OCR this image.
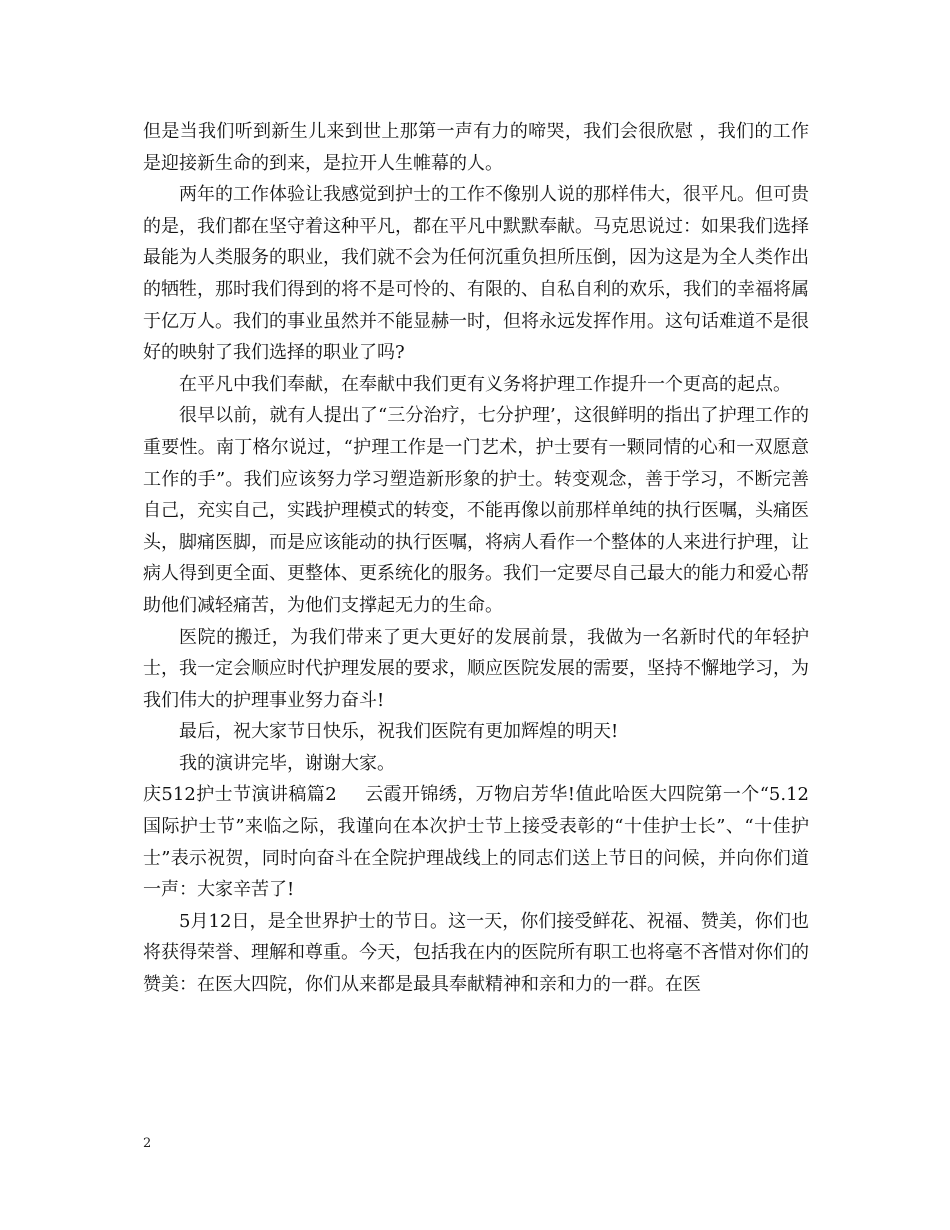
但是当我们听到新生儿来到世上那第一声有力的啼哭，我们会很欣慰 ，我们的工作是迎接新生命的到来，是拉开人生帷幕的人。

两年的工作体验让我感觉到护士的工作不像别人说的那样伟大，很平凡。但可贵的是，我们都在坚守着这种平凡，都在平凡中默默奉献。马克思说过：如果我们选择最能为人类服务的职业，我们就不会为任何沉重负担所压倒，因为这是为全人类作出的牺牲，那时我们得到的将不是可怜的、有限的、自私自利的欢乐，我们的幸福将属于亿万人。我们的事业虽然并不能显赫一时，但将永远发挥作用。这句话难道不是很好的映射了我们选择的职业了吗?

在平凡中我们奉献，在奉献中我们更有义务将护理工作提升一个更高的起点。

很早以前，就有人提出了“三分治疗，七分护理’，这很鲜明的指出了护理工作的重要性。南丁格尔说过，“护理工作是一门艺术，护士要有一颗同情的心和一双愿意工作的手”。我们应该努力学习塑造新形象的护士。转变观念，善于学习，不断完善自己，充实自己，实践护理模式的转变，不能再像以前那样单纯的执行医嘱，头痛医头，脚痛医脚，而是应该能动的执行医嘱，将病人看作一个整体的人来进行护理，让病人得到更全面、更整体、更系统化的服务。我们一定要尽自己最大的能力和爱心帮助他们减轻痛苦，为他们支撑起无力的生命。

医院的搬迁，为我们带来了更大更好的发展前景，我做为一名新时代的年轻护士，我一定会顺应时代护理发展的要求，顺应医院发展的需要，坚持不懈地学习，为我们伟大的护理事业努力奋斗!

最后，祝大家节日快乐，祝我们医院有更加辉煌的明天!

我的演讲完毕，谢谢大家。

庆512护士节演讲稿篇2 云霞开锦绣，万物启芳华!值此哈医大四院第一个“5.12国际护士节”来临之际，我谨向在本次护士节上接受表彰的“十佳护士长”、“十佳护士”表示祝贺，同时向奋斗在全院护理战线上的同志们送上节日的问候，并向你们道一声：大家辛苦了!

5月12日，是全世界护士的节日。这一天，你们接受鲜花、祝福、赞美，你们也将获得荣誉、理解和尊重。今天，包括我在内的医院所有职工也将毫不吝惜对你们的赞美：在医大四院，你们从来都是最具奉献精神和亲和力的一群。在医

2
